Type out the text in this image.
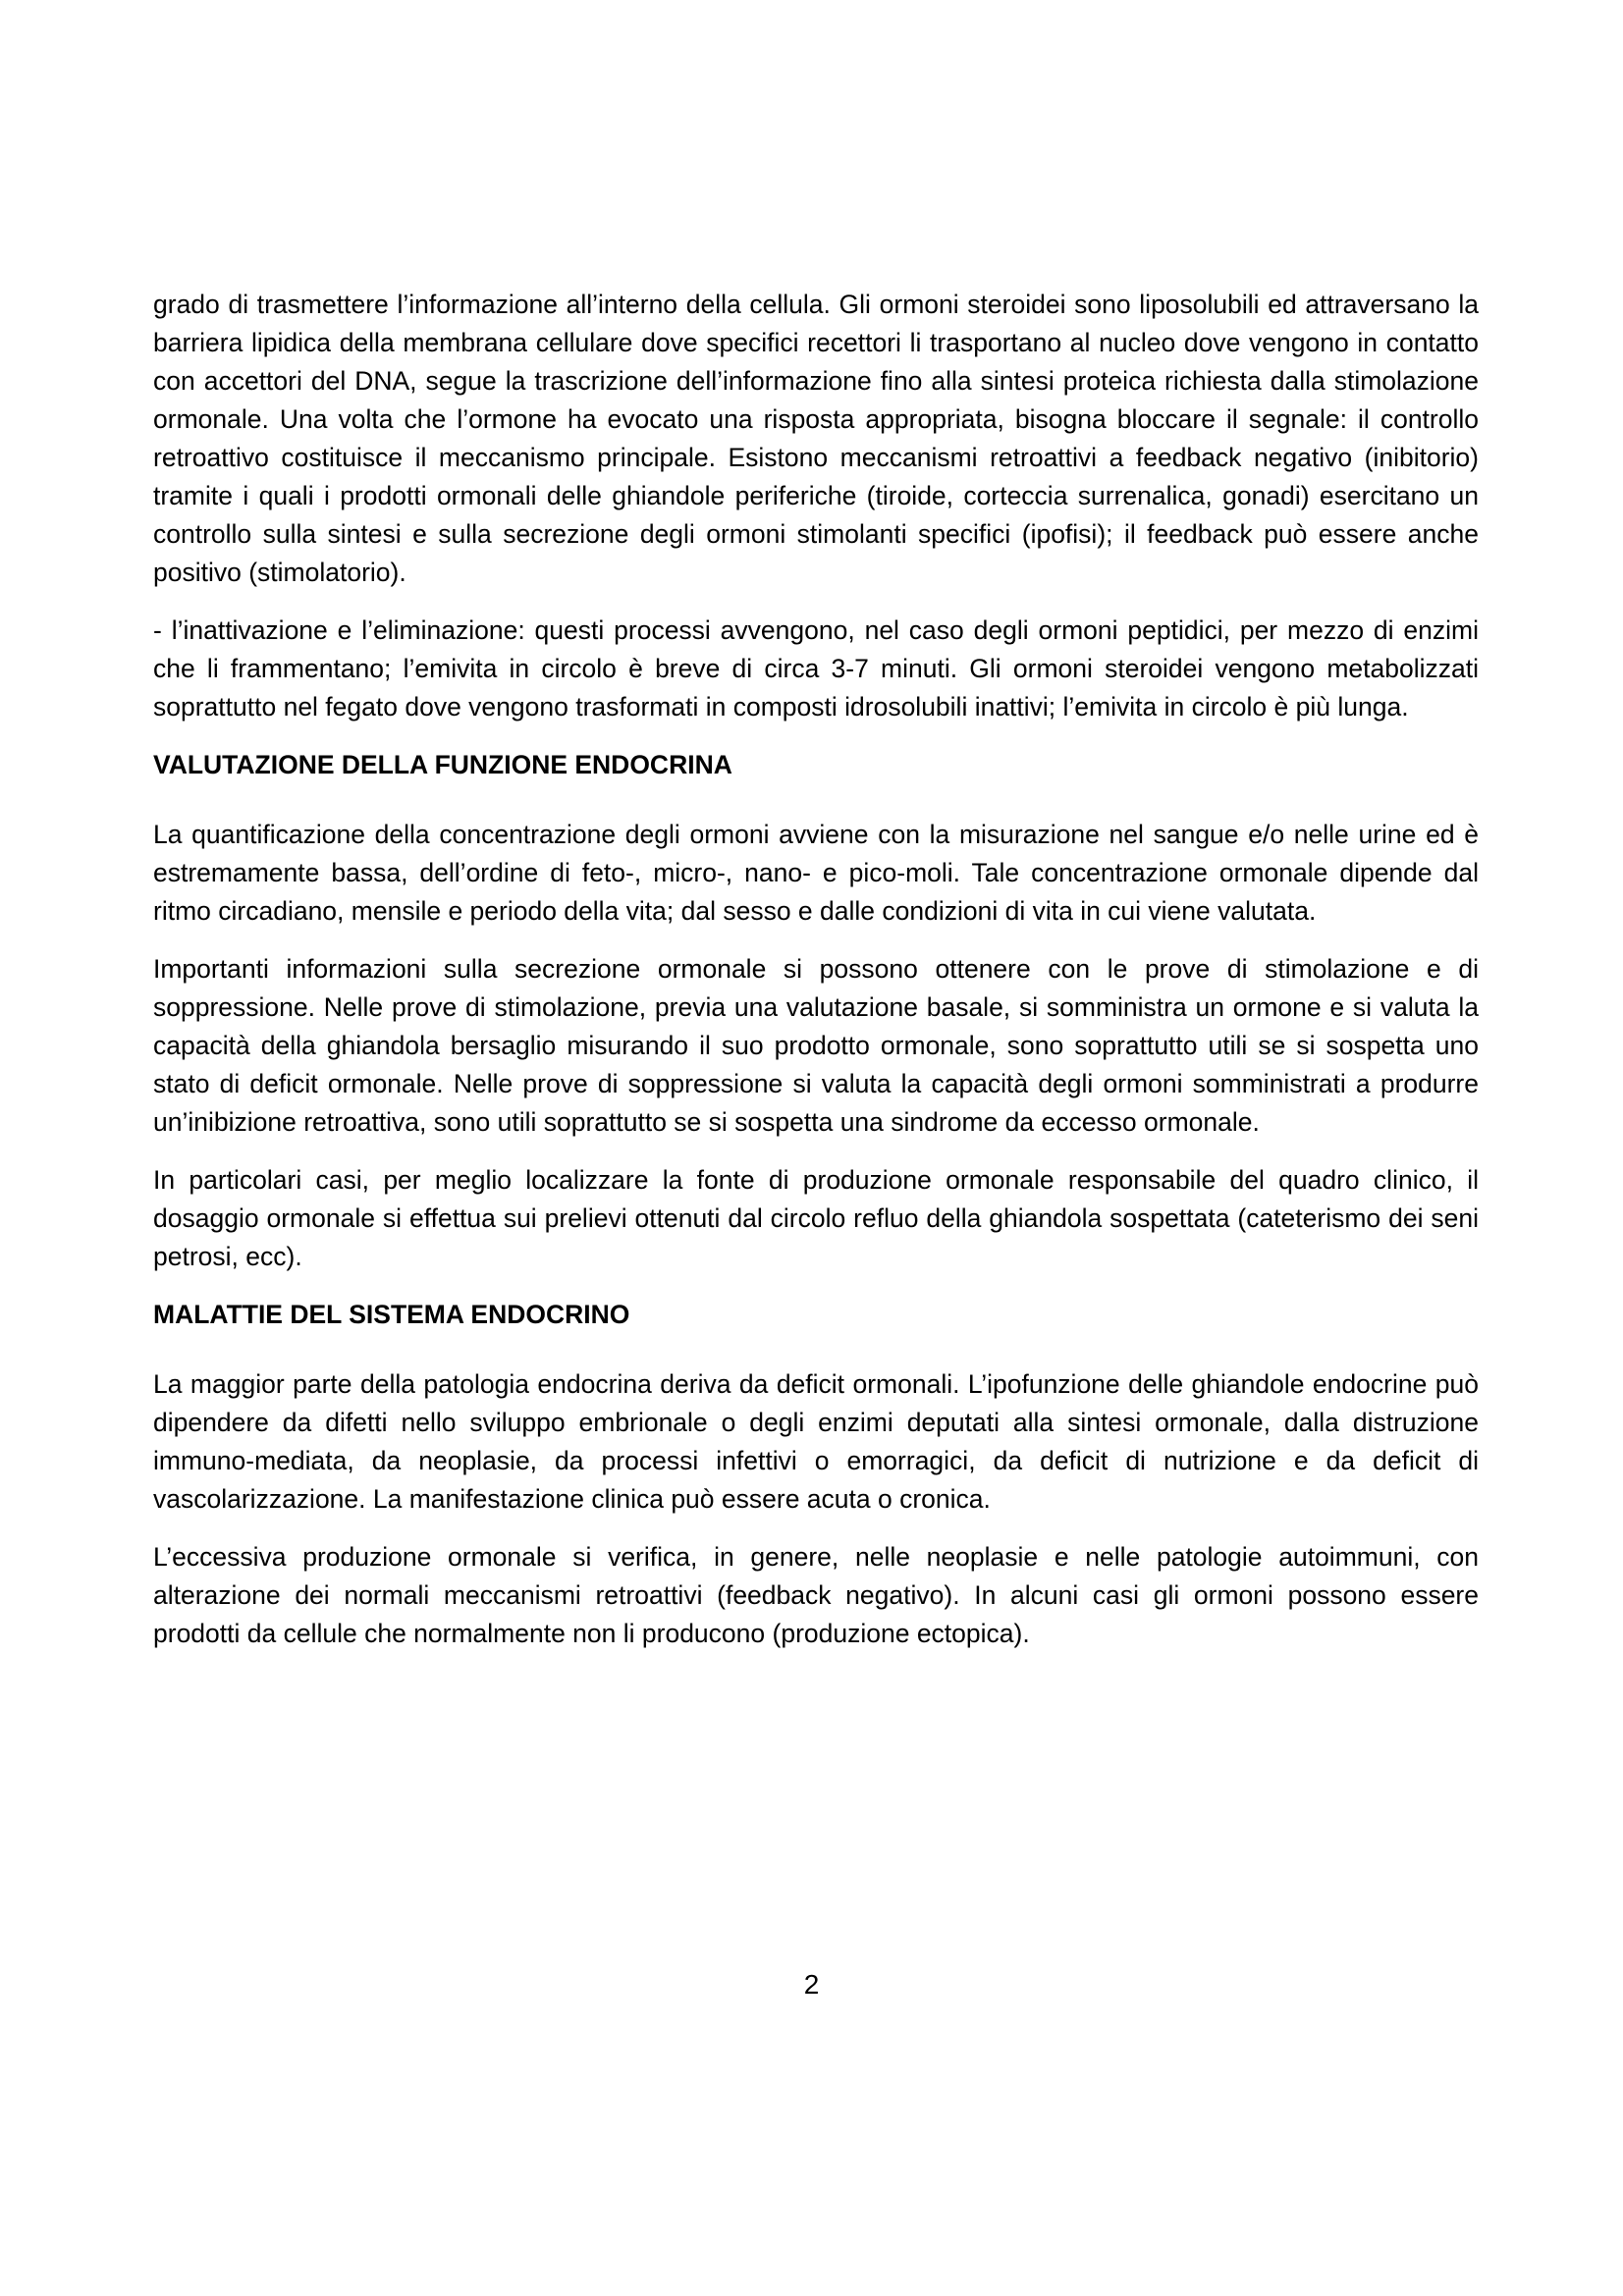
grado di trasmettere l’informazione all’interno della cellula. Gli ormoni steroidei sono liposolubili ed attraversano la barriera lipidica della membrana cellulare dove specifici recettori li trasportano al nucleo dove vengono in contatto con accettori del DNA, segue la trascrizione dell’informazione fino alla sintesi proteica richiesta dalla stimolazione ormonale. Una volta che l’ormone ha evocato una risposta appropriata, bisogna bloccare il segnale: il controllo retroattivo costituisce il meccanismo principale. Esistono meccanismi retroattivi a feedback negativo (inibitorio) tramite i quali i prodotti ormonali delle ghiandole periferiche (tiroide, corteccia surrenalica, gonadi) esercitano un controllo sulla sintesi e sulla secrezione degli ormoni stimolanti specifici (ipofisi); il feedback può essere anche positivo (stimolatorio).

- l’inattivazione e l’eliminazione: questi processi avvengono, nel caso degli ormoni peptidici, per mezzo di enzimi che li frammentano; l’emivita in circolo è breve di circa 3-7 minuti. Gli ormoni steroidei vengono metabolizzati soprattutto nel fegato dove vengono trasformati in composti idrosolubili inattivi; l’emivita in circolo è più lunga.

VALUTAZIONE DELLA FUNZIONE ENDOCRINA

La quantificazione della concentrazione degli ormoni avviene con la misurazione nel sangue e/o nelle urine ed è estremamente bassa, dell’ordine di feto-, micro-, nano- e pico-moli. Tale concentrazione ormonale dipende dal ritmo circadiano, mensile e periodo della vita; dal sesso e dalle condizioni di vita in cui viene valutata.

Importanti informazioni sulla secrezione ormonale si possono ottenere con le prove di stimolazione e di soppressione. Nelle prove di stimolazione, previa una valutazione basale, si somministra un ormone e si valuta la capacità della ghiandola bersaglio misurando il suo prodotto ormonale, sono soprattutto utili se si sospetta uno stato di deficit ormonale. Nelle prove di soppressione si valuta la capacità degli ormoni somministrati a produrre un’inibizione retroattiva, sono utili soprattutto se si sospetta una sindrome da eccesso ormonale.

In particolari casi, per meglio localizzare la fonte di produzione ormonale responsabile del quadro clinico, il dosaggio ormonale si effettua sui prelievi ottenuti dal circolo refluo della ghiandola sospettata (cateterismo dei seni petrosi, ecc).

MALATTIE DEL SISTEMA ENDOCRINO

La maggior parte della patologia endocrina deriva da deficit ormonali. L’ipofunzione delle ghiandole endocrine può dipendere da difetti nello sviluppo embrionale o degli enzimi deputati alla sintesi ormonale, dalla distruzione immuno-mediata, da neoplasie, da processi infettivi o emorragici, da deficit di nutrizione e da deficit di vascolarizzazione. La manifestazione clinica può essere acuta o cronica.

L’eccessiva produzione ormonale si verifica, in genere, nelle neoplasie e nelle patologie autoimmuni, con alterazione dei normali meccanismi retroattivi (feedback negativo). In alcuni casi gli ormoni possono essere prodotti da cellule che normalmente non li producono (produzione ectopica).

2
